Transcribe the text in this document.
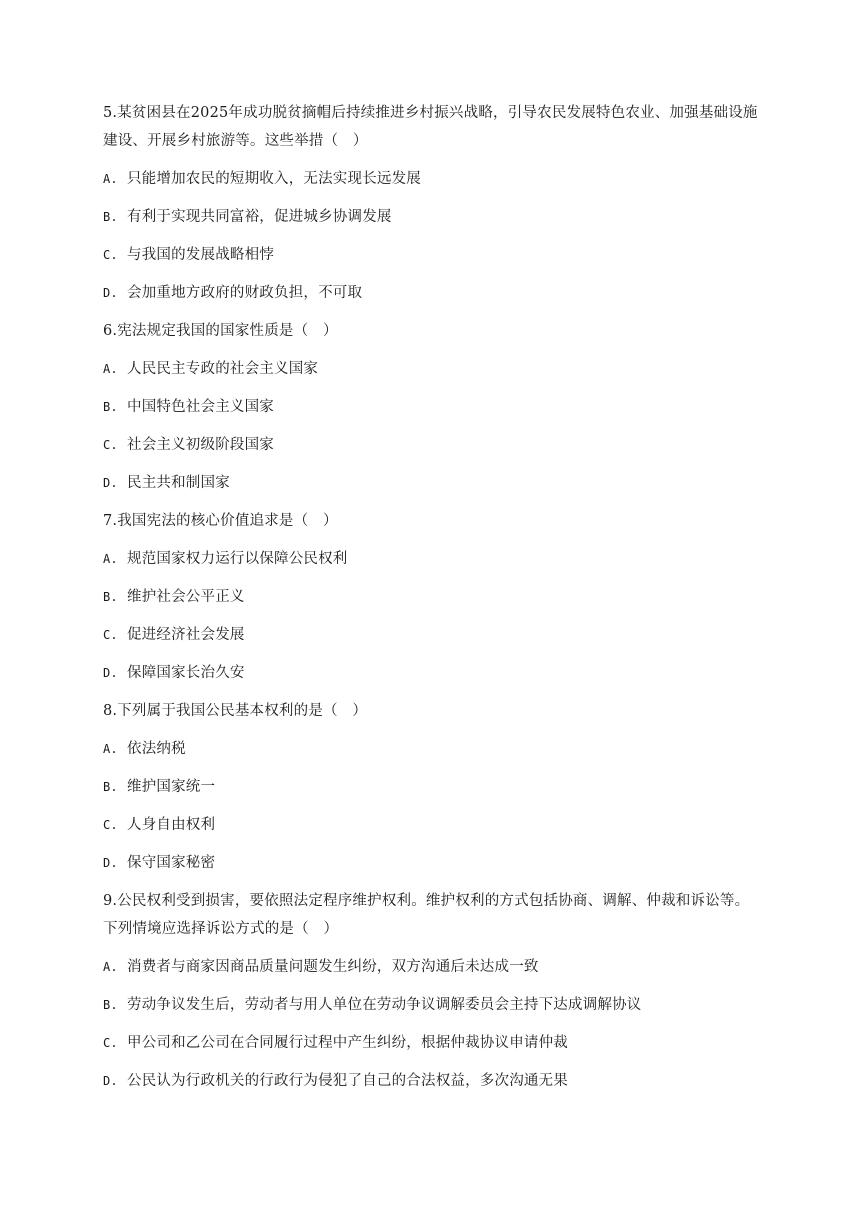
5.某贫困县在2025年成功脱贫摘帽后持续推进乡村振兴战略，引导农民发展特色农业、加强基础设施建设、开展乡村旅游等。这些举措（　）

A. 只能增加农民的短期收入，无法实现长远发展

B. 有利于实现共同富裕，促进城乡协调发展

C. 与我国的发展战略相悖

D. 会加重地方政府的财政负担，不可取

6.宪法规定我国的国家性质是（　）

A. 人民民主专政的社会主义国家

B. 中国特色社会主义国家

C. 社会主义初级阶段国家

D. 民主共和制国家

7.我国宪法的核心价值追求是（　）

A. 规范国家权力运行以保障公民权利

B. 维护社会公平正义

C. 促进经济社会发展

D. 保障国家长治久安

8.下列属于我国公民基本权利的是（　）

A. 依法纳税

B. 维护国家统一

C. 人身自由权利

D. 保守国家秘密

9.公民权利受到损害，要依照法定程序维护权利。维护权利的方式包括协商、调解、仲裁和诉讼等。下列情境应选择诉讼方式的是（　）

A. 消费者与商家因商品质量问题发生纠纷，双方沟通后未达成一致

B. 劳动争议发生后，劳动者与用人单位在劳动争议调解委员会主持下达成调解协议

C. 甲公司和乙公司在合同履行过程中产生纠纷，根据仲裁协议申请仲裁

D. 公民认为行政机关的行政行为侵犯了自己的合法权益，多次沟通无果
